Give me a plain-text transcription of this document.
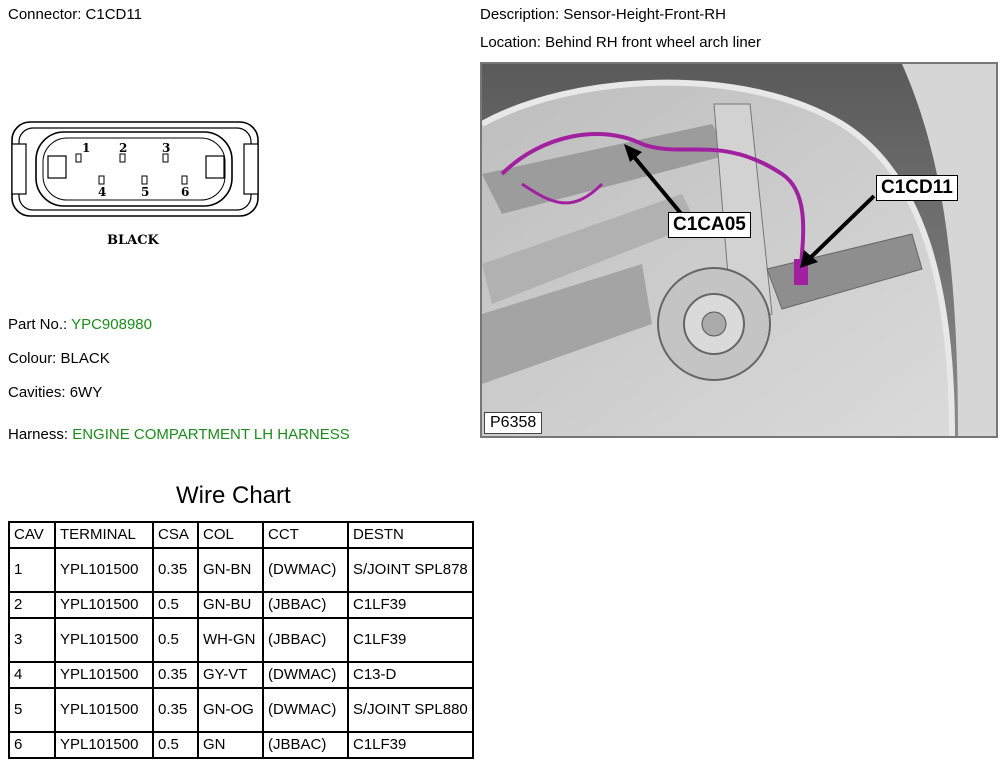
Connector: C1CD11	Description: Sensor-Height-Front-RH
Location: Behind RH front wheel arch liner
1 2	3
4	5	6
BLACK
Part No.: YPC908980
Colour: BLACK
Cavities: 6WY
Harness: ENGINE COMPARTMENT LH HARNESS
C1CD11
C1CA05
P6358
Wire Chart
CAV	TERMINAL	CSA	COL	CCT	DESTN
1	YPL101500	0.35	GN-BN	(DWMAC)	S/JOINT SPL878
2	YPL101500	0.5	GN-BU	(JBBAC)	C1LF39
3	YPL101500	0.5	WH-GN	(JBBAC)	C1LF39
4	YPL101500	0.35	GY-VT	(DWMAC)	C13-D
5	YPL101500	0.35	GN-OG	(DWMAC)	S/JOINT SPL880
6	YPL101500	0.5	GN	(JBBAC)	C1LF39
